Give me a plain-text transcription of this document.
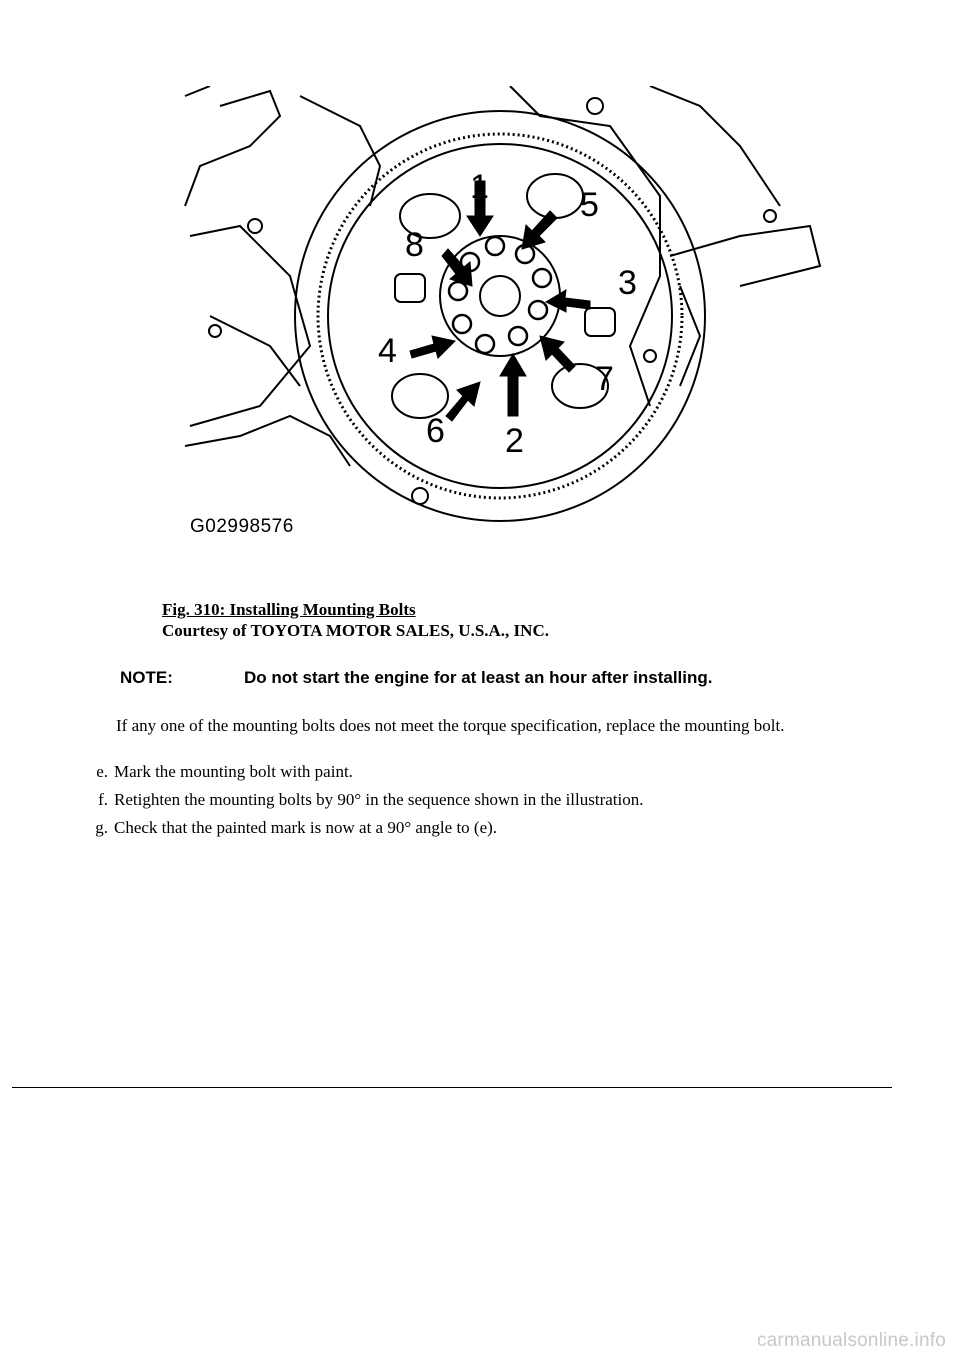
1
2
3
4
5
6
7
8
G02998576
Fig. 310: Installing Mounting Bolts
Courtesy of TOYOTA MOTOR SALES, U.S.A., INC.
NOTE:	Do not start the engine for at least an hour after installing.
If any one of the mounting bolts does not meet the torque specification, replace the mounting bolt.
e. Mark the mounting bolt with paint.
f. Retighten the mounting bolts by 90° in the sequence shown in the illustration.
g. Check that the painted mark is now at a 90° angle to (e).
carmanualsonline.info
